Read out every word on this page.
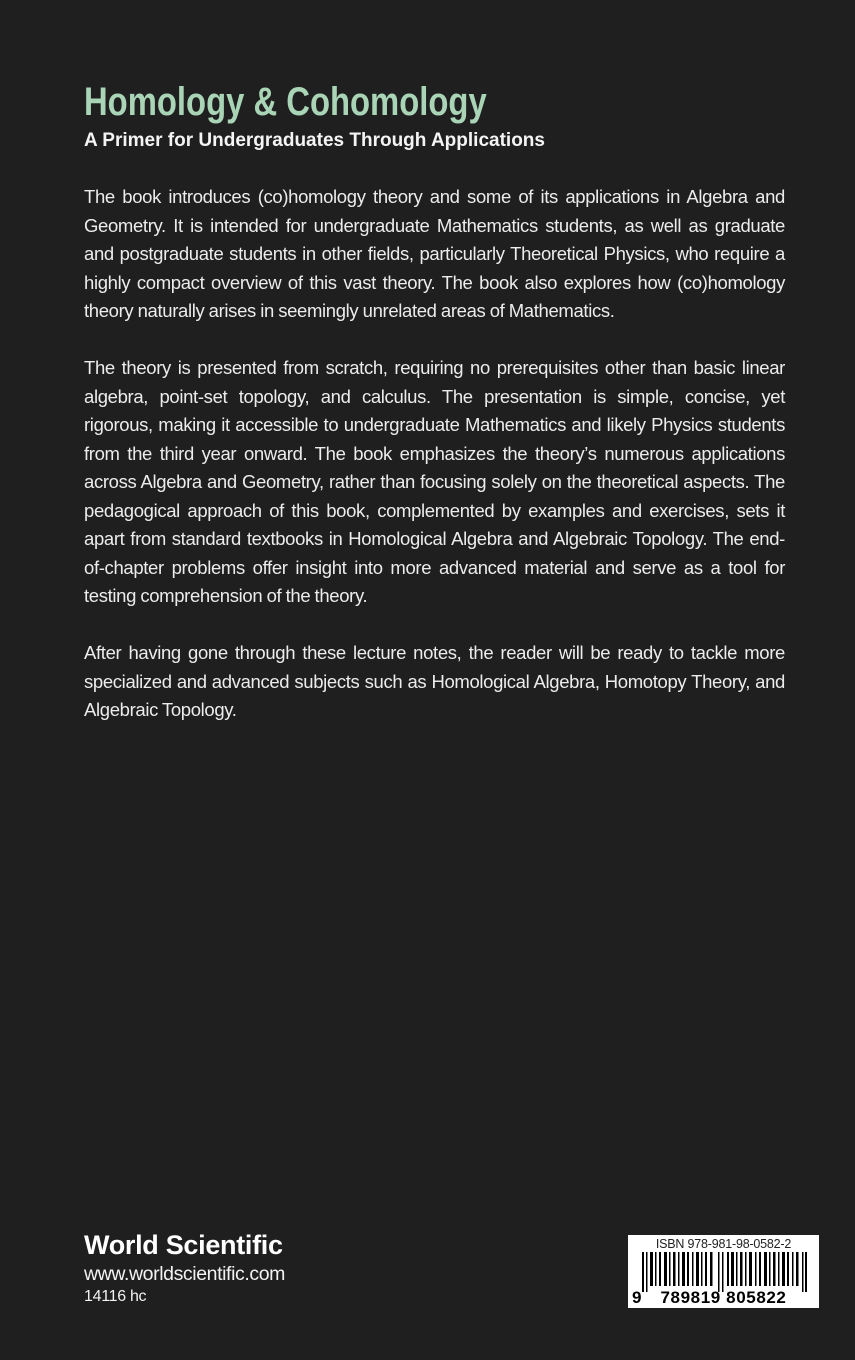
Homology & Cohomology
A Primer for Undergraduates Through Applications

The book introduces (co)homology theory and some of its applications in Algebra and Geometry. It is intended for undergraduate Mathematics students, as well as graduate and postgraduate students in other fields, particularly Theoretical Physics, who require a highly compact overview of this vast theory. The book also explores how (co)homology theory naturally arises in seemingly unrelated areas of Mathematics.

The theory is presented from scratch, requiring no prerequisites other than basic linear algebra, point-set topology, and calculus. The presentation is simple, concise, yet rigorous, making it accessible to undergraduate Mathematics and likely Physics students from the third year onward. The book emphasizes the theory’s numerous applications across Algebra and Geometry, rather than focusing solely on the theoretical aspects. The pedagogical approach of this book, complemented by examples and exercises, sets it apart from standard textbooks in Homological Algebra and Algebraic Topology. The end-of-chapter problems offer insight into more advanced material and serve as a tool for testing comprehension of the theory.

After having gone through these lecture notes, the reader will be ready to tackle more specialized and advanced subjects such as Homological Algebra, Homotopy Theory, and Algebraic Topology.

World Scientific
www.worldscientific.com
14116 hc
ISBN 978-981-98-0582-2
9 789819 805822
